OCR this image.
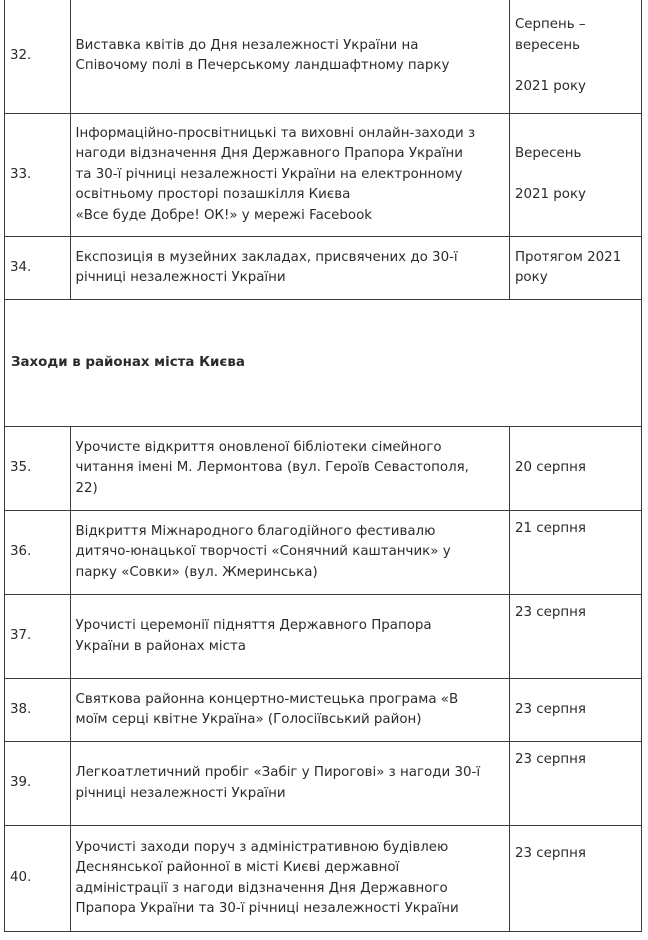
32.	Виставка квітів до Дня незалежності України на
Співочому полі в Печерському ландшафтному парку	Серпень –
вересень
2021 року

33.	Інформаційно-просвітницькі та виховні онлайн-заходи з
нагоди відзначення Дня Державного Прапора України
та 30-ї річниці незалежності України на електронному
освітньому просторі позашкілля Києва
«Все буде Добре! ОК!» у мережі Facebook	Вересень
2021 року

34.	Експозиція в музейних закладах, присвячених до 30-ї
річниці незалежності України	Протягом 2021
року

Заходи в районах міста Києва		
35.	Урочисте відкриття оновленої бібліотеки сімейного
читання імені М. Лермонтова (вул. Героїв Севастополя,
22)	20 серпня

36.	Відкриття Міжнародного благодійного фестивалю
дитячо-юнацької творчості «Сонячний каштанчик» у
парку «Совки» (вул. Жмеринська)	21 серпня

37.	Урочисті церемонії підняття Державного Прапора
України в районах міста	23 серпня

38.	Святкова районна концертно-мистецька програма «В
моїм серці квітне Україна» (Голосіївський район)	23 серпня

39.	Легкоатлетичний пробіг «Забіг у Пирогові» з нагоди 30-ї
річниці незалежності України	23 серпня

40.	Урочисті заходи поруч з адміністративною будівлею
Деснянської районної в місті Києві державної
адміністрації з нагоди відзначення Дня Державного
Прапора України та 30-ї річниці незалежності України	23 серпня
